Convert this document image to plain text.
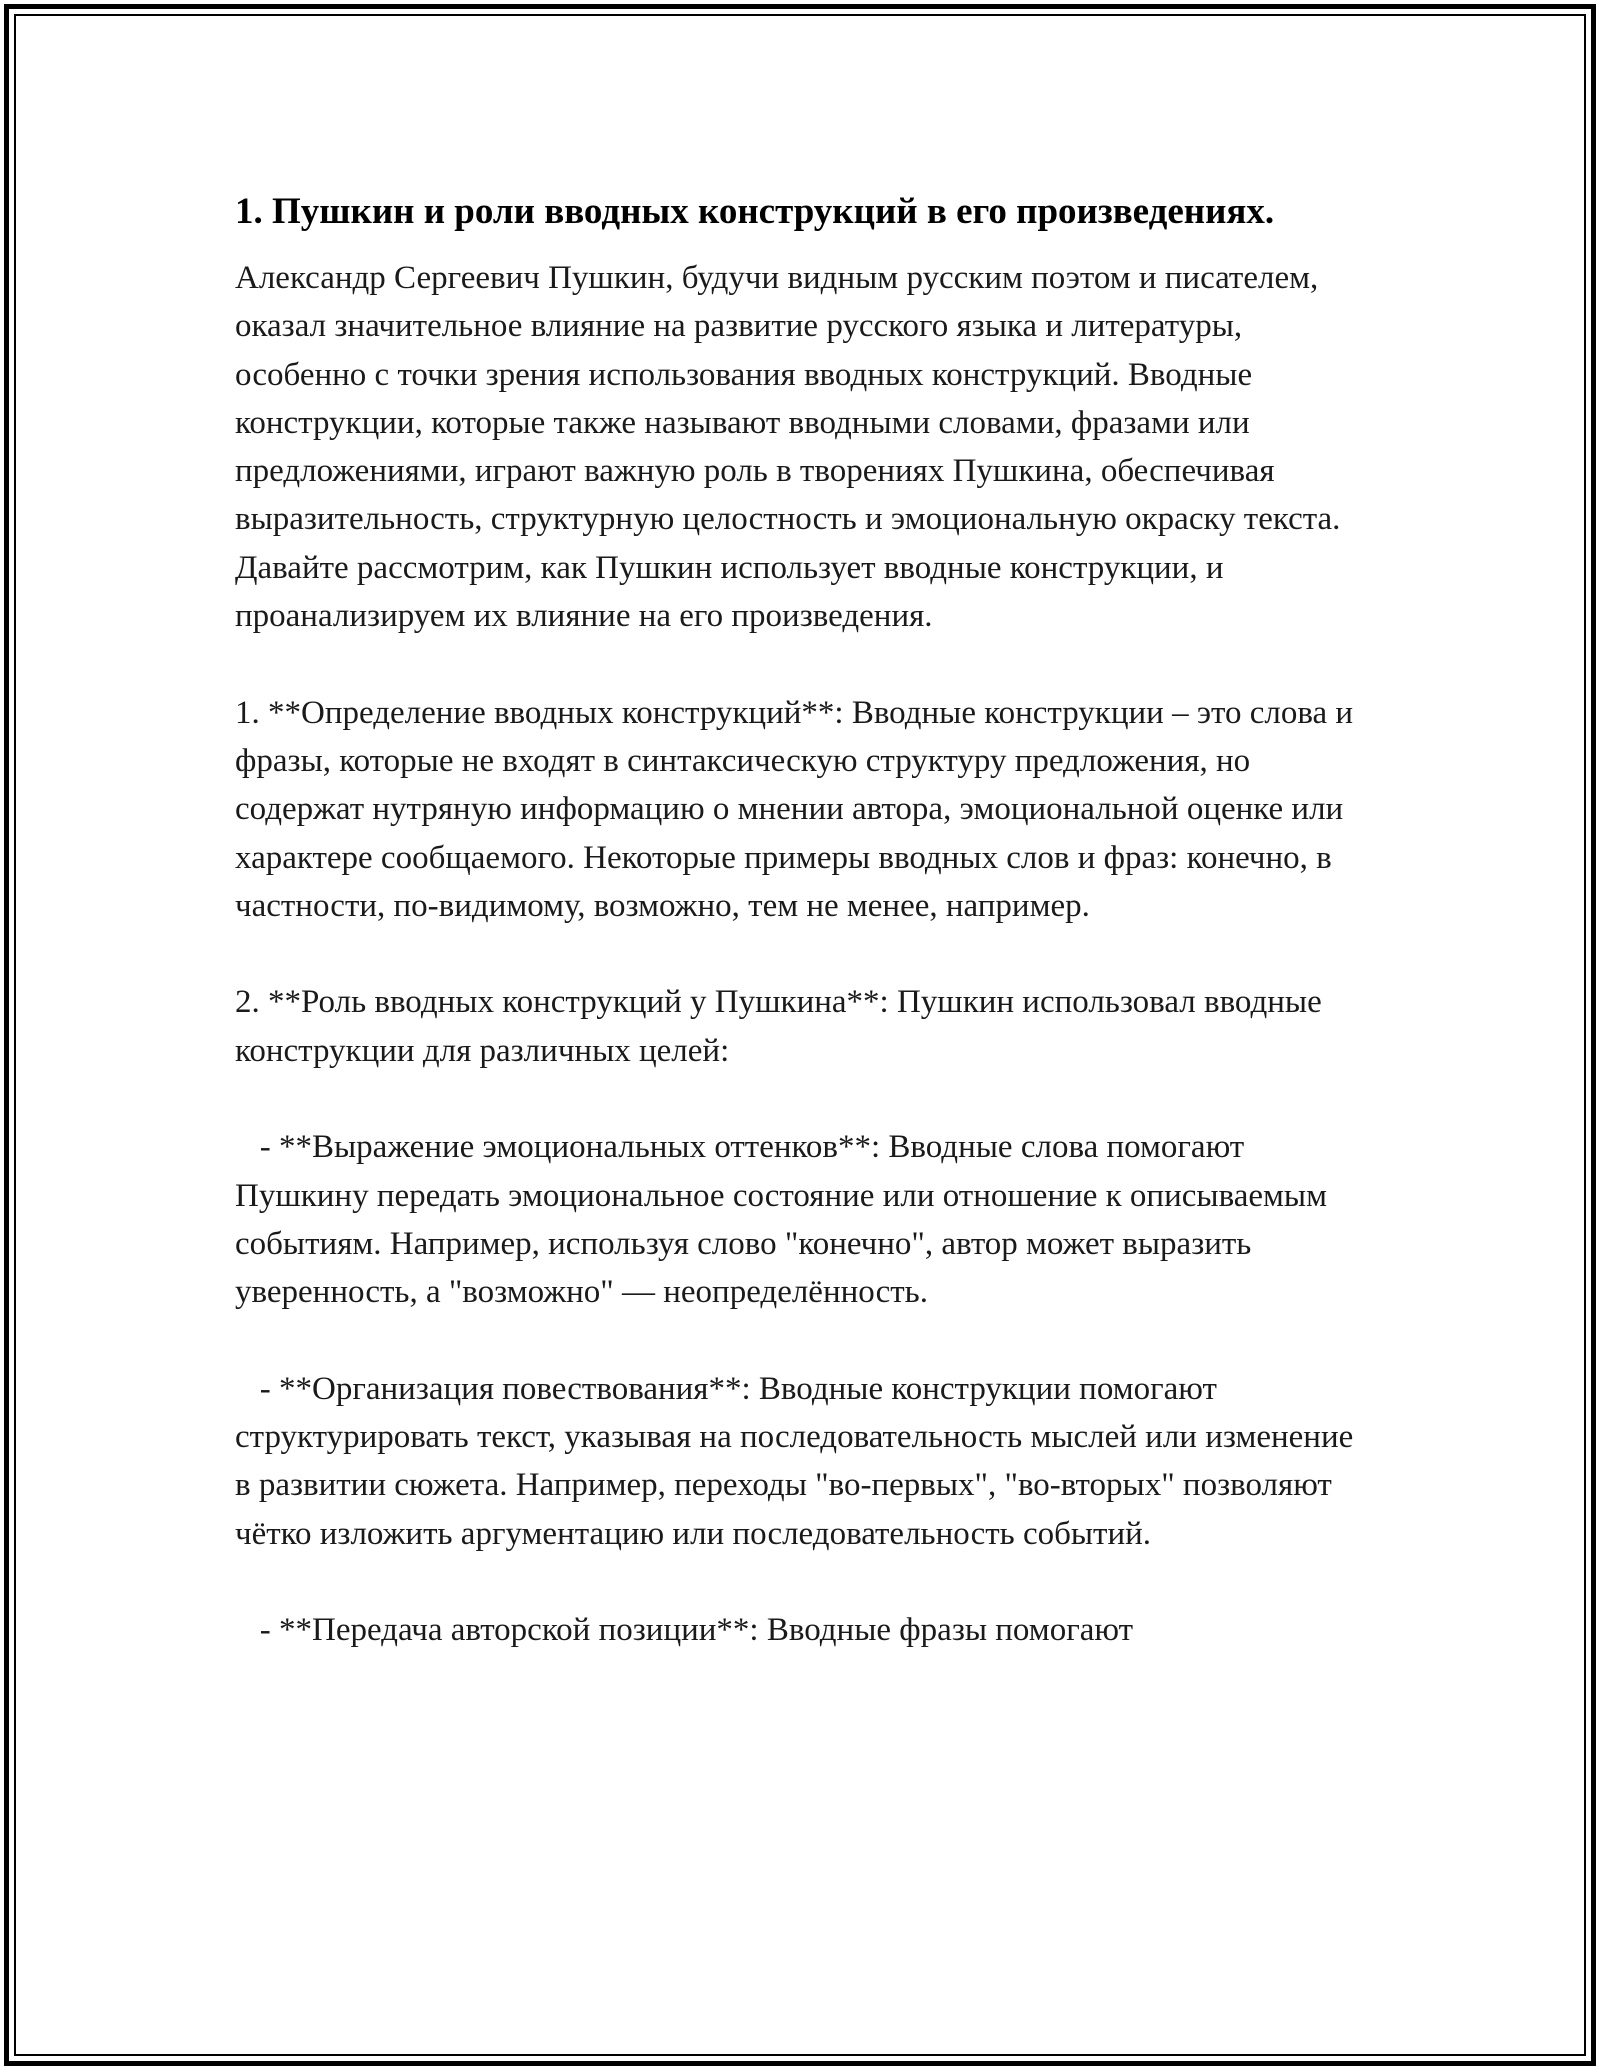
1. Пушкин и роли вводных конструкций в его произведениях.

Александр Сергеевич Пушкин, будучи видным русским поэтом и писателем, оказал значительное влияние на развитие русского языка и литературы, особенно с точки зрения использования вводных конструкций. Вводные конструкции, которые также называют вводными словами, фразами или предложениями, играют важную роль в творениях Пушкина, обеспечивая выразительность, структурную целостность и эмоциональную окраску текста. Давайте рассмотрим, как Пушкин использует вводные конструкции, и проанализируем их влияние на его произведения.

1. **Определение вводных конструкций**: Вводные конструкции – это слова и фразы, которые не входят в синтаксическую структуру предложения, но содержат нутряную информацию о мнении автора, эмоциональной оценке или характере сообщаемого. Некоторые примеры вводных слов и фраз: конечно, в частности, по-видимому, возможно, тем не менее, например.

2. **Роль вводных конструкций у Пушкина**: Пушкин использовал вводные конструкции для различных целей:

- **Выражение эмоциональных оттенков**: Вводные слова помогают Пушкину передать эмоциональное состояние или отношение к описываемым событиям. Например, используя слово "конечно", автор может выразить уверенность, а "возможно" — неопределённость.

- **Организация повествования**: Вводные конструкции помогают структурировать текст, указывая на последовательность мыслей или изменение в развитии сюжета. Например, переходы "во-первых", "во-вторых" позволяют чётко изложить аргументацию или последовательность событий.

- **Передача авторской позиции**: Вводные фразы помогают
